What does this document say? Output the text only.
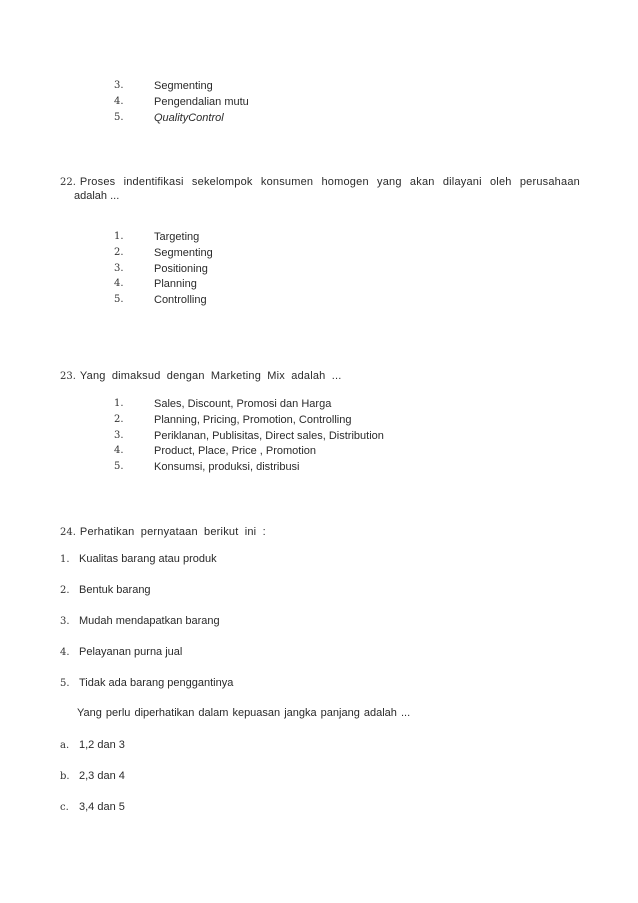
3.	Segmenting
4.	Pengendalian mutu
5.	QualityControl
22. Proses indentifikasi sekelompok konsumen homogen yang akan dilayani oleh perusahaan
adalah ...
1.	Targeting
2.	Segmenting
3.	Positioning
4.	Planning
5.	Controlling
23. Yang dimaksud dengan Marketing Mix adalah ...
1.	Sales, Discount, Promosi dan Harga
2.	Planning, Pricing, Promotion, Controlling
3.	Periklanan, Publisitas, Direct sales, Distribution
4.	Product, Place, Price , Promotion
5.	Konsumsi, produksi, distribusi
24. Perhatikan pernyataan berikut ini :
1. Kualitas barang atau produk
2. Bentuk barang
3. Mudah mendapatkan barang
4. Pelayanan purna jual
5. Tidak ada barang penggantinya
Yang perlu diperhatikan dalam kepuasan jangka panjang adalah ...
a. 1,2 dan 3
b. 2,3 dan 4
c. 3,4 dan 5
